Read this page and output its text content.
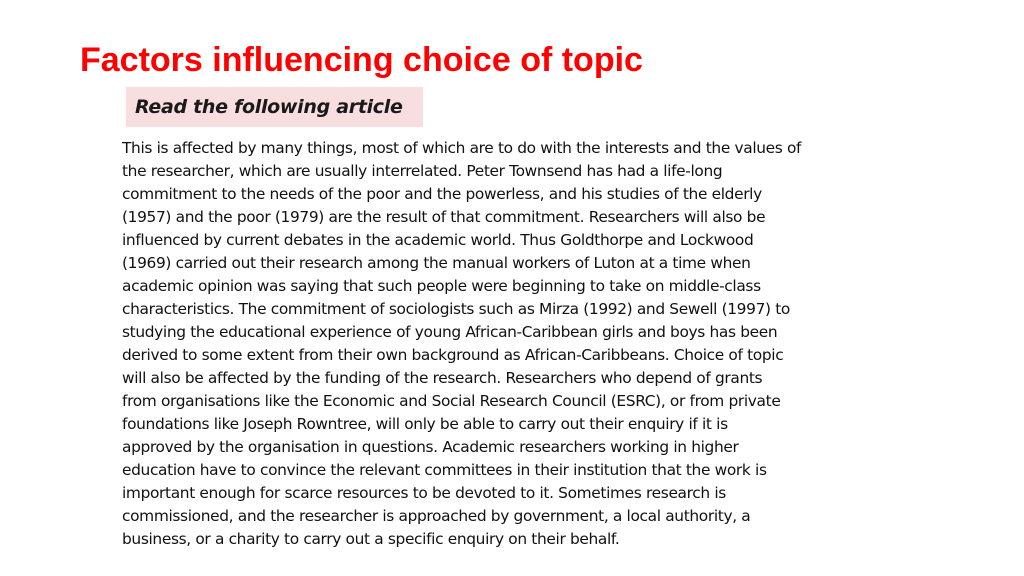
Factors influencing choice of topic
Read the following article
This is affected by many things, most of which are to do with the interests and the values of
the researcher, which are usually interrelated. Peter Townsend has had a life-long
commitment to the needs of the poor and the powerless, and his studies of the elderly
(1957) and the poor (1979) are the result of that commitment. Researchers will also be
influenced by current debates in the academic world. Thus Goldthorpe and Lockwood
(1969) carried out their research among the manual workers of Luton at a time when
academic opinion was saying that such people were beginning to take on middle-class
characteristics. The commitment of sociologists such as Mirza (1992) and Sewell (1997) to
studying the educational experience of young African-Caribbean girls and boys has been
derived to some extent from their own background as African-Caribbeans. Choice of topic
will also be affected by the funding of the research. Researchers who depend of grants
from organisations like the Economic and Social Research Council (ESRC), or from private
foundations like Joseph Rowntree, will only be able to carry out their enquiry if it is
approved by the organisation in questions. Academic researchers working in higher
education have to convince the relevant committees in their institution that the work is
important enough for scarce resources to be devoted to it. Sometimes research is
commissioned, and the researcher is approached by government, a local authority, a
business, or a charity to carry out a specific enquiry on their behalf.
